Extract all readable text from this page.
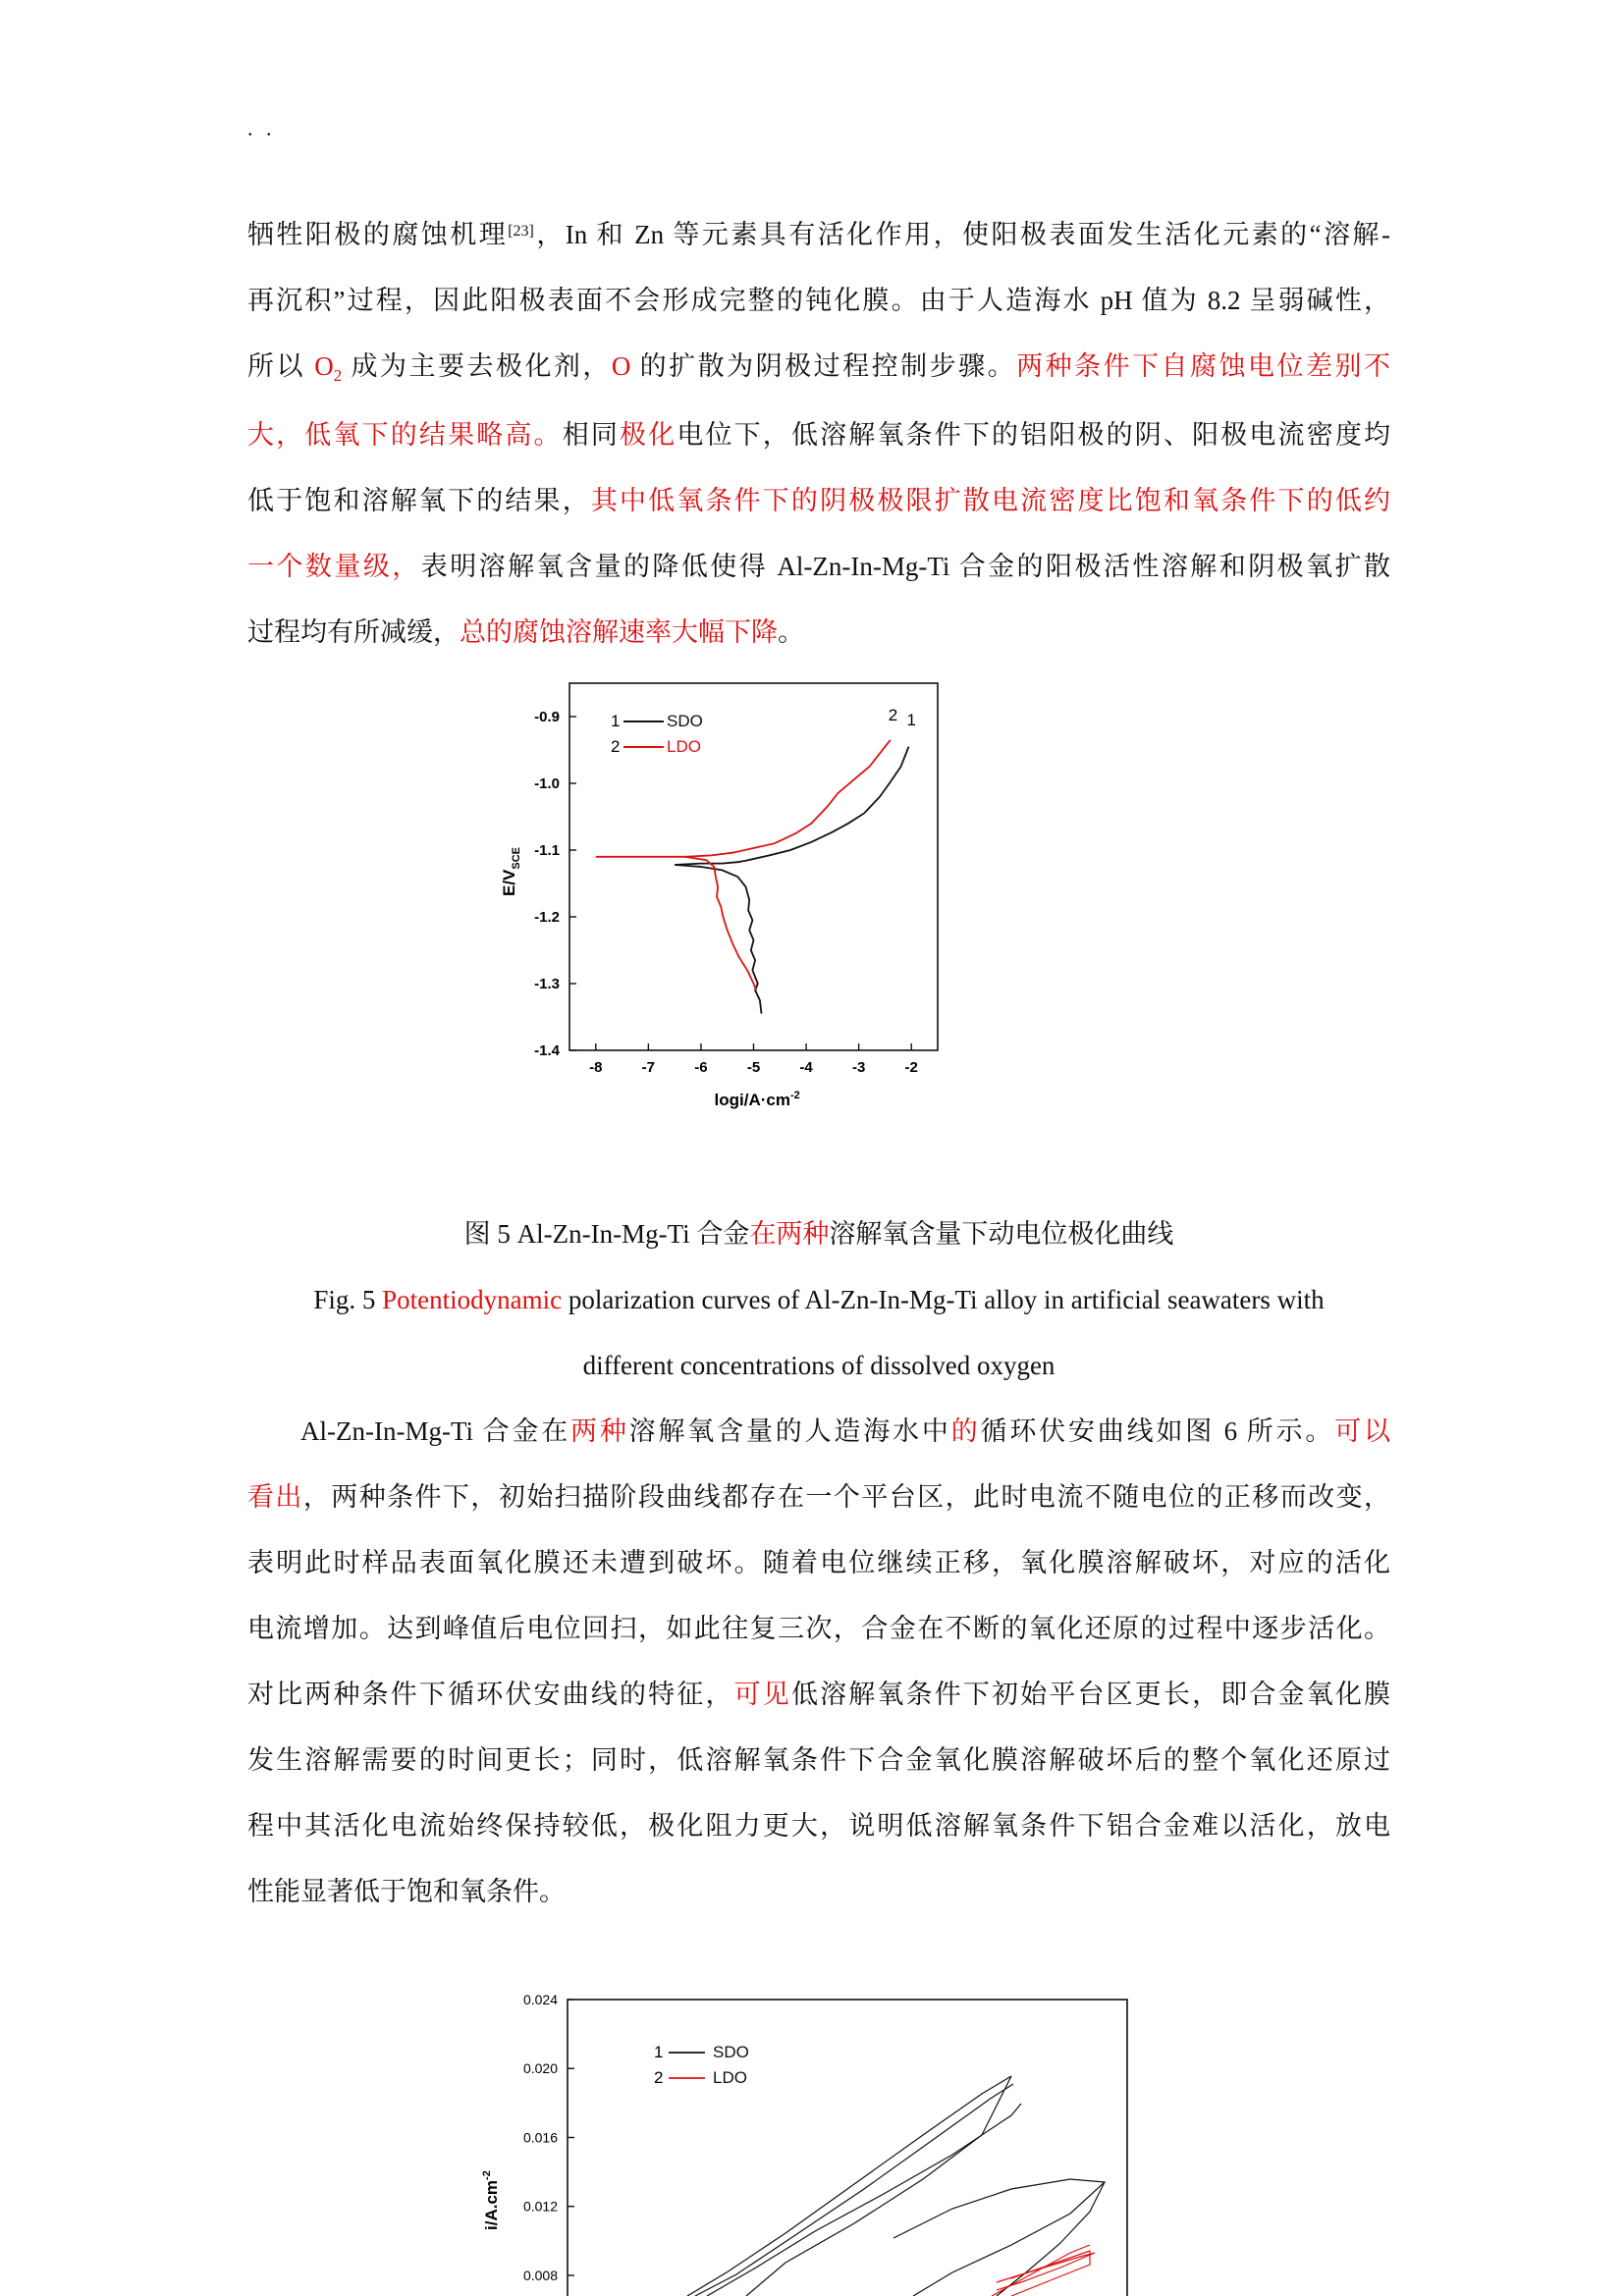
. .
牺牲阳极的腐蚀机理[23]，In 和 Zn 等元素具有活化作用，使阳极表面发生活化元素的“溶解-
再沉积”过程，因此阳极表面不会形成完整的钝化膜。由于人造海水 pH 值为 8.2 呈弱碱性，
所以 $O_2$ 成为主要去极化剂，O 的扩散为阴极过程控制步骤。两种条件下自腐蚀电位差别不
大，低氧下的结果略高。相同极化电位下，低溶解氧条件下的铝阳极的阴、阳极电流密度均
低于饱和溶解氧下的结果，其中低氧条件下的阴极极限扩散电流密度比饱和氧条件下的低约
一个数量级，表明溶解氧含量的降低使得 Al-Zn-In-Mg-Ti 合金的阳极活性溶解和阴极氧扩散
过程均有所减缓，总的腐蚀溶解速率大幅下降。
-8	-7	-6	-5	-4	-3	-2
-0.9
-1.0
-1.1
-1.2
-1.3
-1.4
logi/$A\cdot cm^{-2}$
$E/V_{SCE}$
1	SDO
2	LDO
2 1
图 5 Al-Zn-In-Mg-Ti 合金在两种溶解氧含量下动电位极化曲线
Fig. 5 Potentiodynamic polarization curves of Al-Zn-In-Mg-Ti alloy in artificial seawaters with
different concentrations of dissolved oxygen
Al-Zn-In-Mg-Ti 合金在两种溶解氧含量的人造海水中的循环伏安曲线如图 6 所示。可以
看出，两种条件下，初始扫描阶段曲线都存在一个平台区，此时电流不随电位的正移而改变，
表明此时样品表面氧化膜还未遭到破坏。随着电位继续正移，氧化膜溶解破坏，对应的活化
电流增加。达到峰值后电位回扫，如此往复三次，合金在不断的氧化还原的过程中逐步活化。
对比两种条件下循环伏安曲线的特征，可见低溶解氧条件下初始平台区更长，即合金氧化膜
发生溶解需要的时间更长；同时，低溶解氧条件下合金氧化膜溶解破坏后的整个氧化还原过
程中其活化电流始终保持较低，极化阻力更大，说明低溶解氧条件下铝合金难以活化，放电
性能显著低于饱和氧条件。
0.024
0.020
0.016
0.012
0.008
$i/A.cm^{-2}$
1	SDO
2	LDO
